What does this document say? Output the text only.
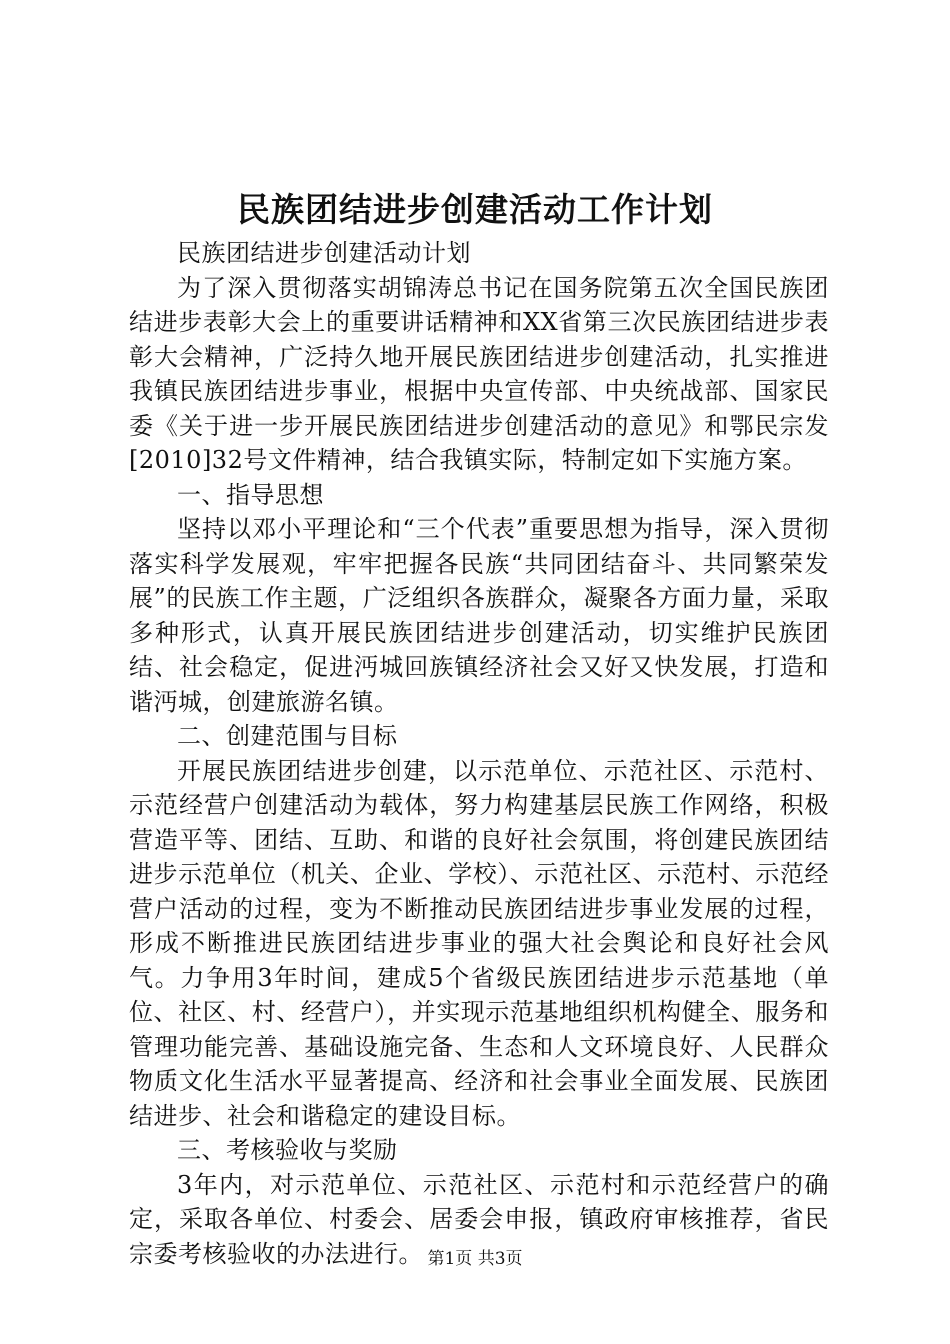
民族团结进步创建活动工作计划

民族团结进步创建活动计划

为了深入贯彻落实胡锦涛总书记在国务院第五次全国民族团结进步表彰大会上的重要讲话精神和XX省第三次民族团结进步表彰大会精神，广泛持久地开展民族团结进步创建活动，扎实推进我镇民族团结进步事业，根据中央宣传部、中央统战部、国家民委《关于进一步开展民族团结进步创建活动的意见》和鄂民宗发[2010]32号文件精神，结合我镇实际，特制定如下实施方案。

一、指导思想

坚持以邓小平理论和“三个代表”重要思想为指导，深入贯彻落实科学发展观，牢牢把握各民族“共同团结奋斗、共同繁荣发展”的民族工作主题，广泛组织各族群众，凝聚各方面力量，采取多种形式，认真开展民族团结进步创建活动，切实维护民族团结、社会稳定，促进沔城回族镇经济社会又好又快发展，打造和谐沔城，创建旅游名镇。

二、创建范围与目标

开展民族团结进步创建，以示范单位、示范社区、示范村、示范经营户创建活动为载体，努力构建基层民族工作网络，积极营造平等、团结、互助、和谐的良好社会氛围，将创建民族团结进步示范单位（机关、企业、学校）、示范社区、示范村、示范经营户活动的过程，变为不断推动民族团结进步事业发展的过程，形成不断推进民族团结进步事业的强大社会舆论和良好社会风气。力争用3年时间，建成5个省级民族团结进步示范基地（单位、社区、村、经营户），并实现示范基地组织机构健全、服务和管理功能完善、基础设施完备、生态和人文环境良好、人民群众物质文化生活水平显著提高、经济和社会事业全面发展、民族团结进步、社会和谐稳定的建设目标。

三、考核验收与奖励

3年内，对示范单位、示范社区、示范村和示范经营户的确定，采取各单位、村委会、居委会申报，镇政府审核推荐，省民宗委考核验收的办法进行。 第1页 共3页
